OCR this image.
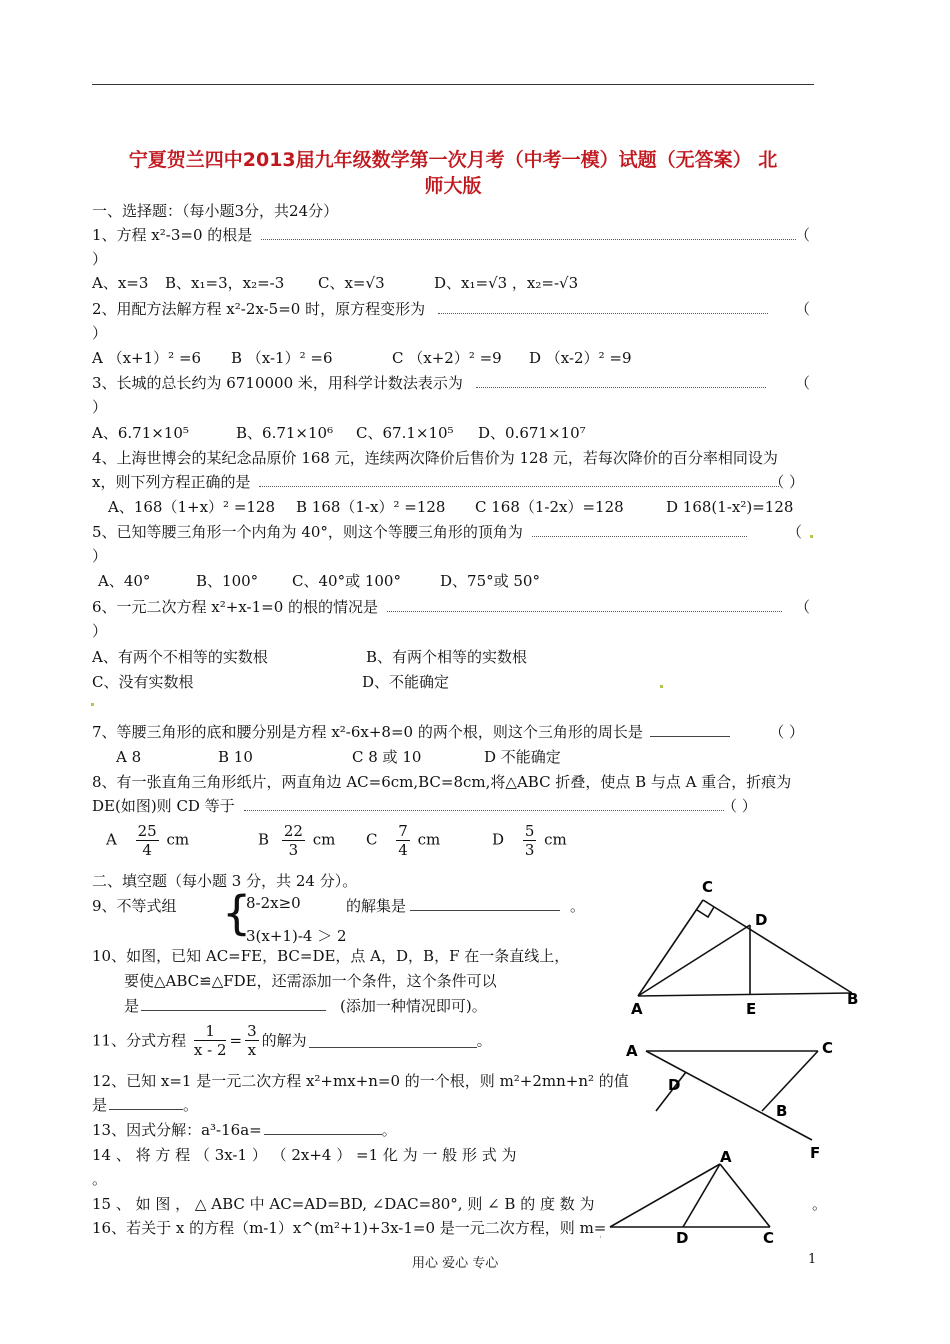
宁夏贺兰四中2013届九年级数学第一次月考（中考一模）试题（无答案） 北
师大版
一、选择题：（每小题3分，共24分）
1、方程 x²-3=0 的根是	（
）
A、x=3 B、x₁=3，x₂=-3 C、x=√3	D、x₁=√3 ，x₂=-√3
2、用配方法解方程 x²-2x-5=0 时，原方程变形为	（
）
A （x+1）² =6 B （x-1）² =6	C （x+2）² =9 D （x-2）² =9
3、长城的总长约为 6710000 米，用科学计数法表示为	（
）
A、6.71×10⁵	B、6.71×10⁶ C、67.1×10⁵ D、0.671×10⁷
4、上海世博会的某纪念品原价 168 元，连续两次降价后售价为 128 元，若每次降价的百分率相同设为
x，则下列方程正确的是	（ ）
A、168（1+x）² =128 B 168（1-x）² =128 C 168（1-2x）=128	D 168(1-x²)=128
5、已知等腰三角形一个内角为 40°，则这个等腰三角形的顶角为	（
）
A、40°	B、100° C、40°或 100°	D、75°或 50°
6、一元二次方程 x²+x-1=0 的根的情况是	（
）
A、有两个不相等的实数根	B、有两个相等的实数根
C、没有实数根	D、不能确定
7、等腰三角形的底和腰分别是方程 x²-6x+8=0 的两个根，则这个三角形的周长是	（ ）
A 8	B 10	C 8 或 10	D 不能确定
8、有一张直角三角形纸片，两直角边 AC=6cm,BC=8cm,将△ABC 折叠，使点 B 与点 A 重合，折痕为
DE(如图)则 CD 等于	（ ）
A $\frac{25}{4}$ cm	B $\frac{22}{3}$ cm C $\frac{7}{4}$ cm	D $\frac{5}{3}$ cm
二、填空题（每小题 3 分，共 24 分）。
9、不等式组 {
8-2x≥0
3(x+1)-4 ＞ 2
的解集是	。
10、如图，已知 AC=FE，BC=DE，点 A，D，B，F 在一条直线上，
要使△ABC≌△FDE，还需添加一个条件，这个条件可以
是	(添加一种情况即可)。
11、分式方程 $\frac{1}{x - 2} = \frac{3}{x}$ 的解为	。
12、已知 x=1 是一元二次方程 x²+mx+n=0 的一个根，则 m²+2mn+n² 的值
是	。
13、因式分解：a³-16a=	。
14 、 将 方 程 （ 3x-1 ） （ 2x+4 ） =1 化 为 一 般 形 式 为
。
15 、 如 图 ， △ ABC 中 AC=AD=BD, ∠DAC=80°, 则 ∠ B 的 度 数 为	。
16、若关于 x 的方程（m-1）x^(m²+1)+3x-1=0 是一元二次方程，则 m=
C
D
A	E
B
A	C
D
B
F
A
D	C
用心 爱心 专心	1
